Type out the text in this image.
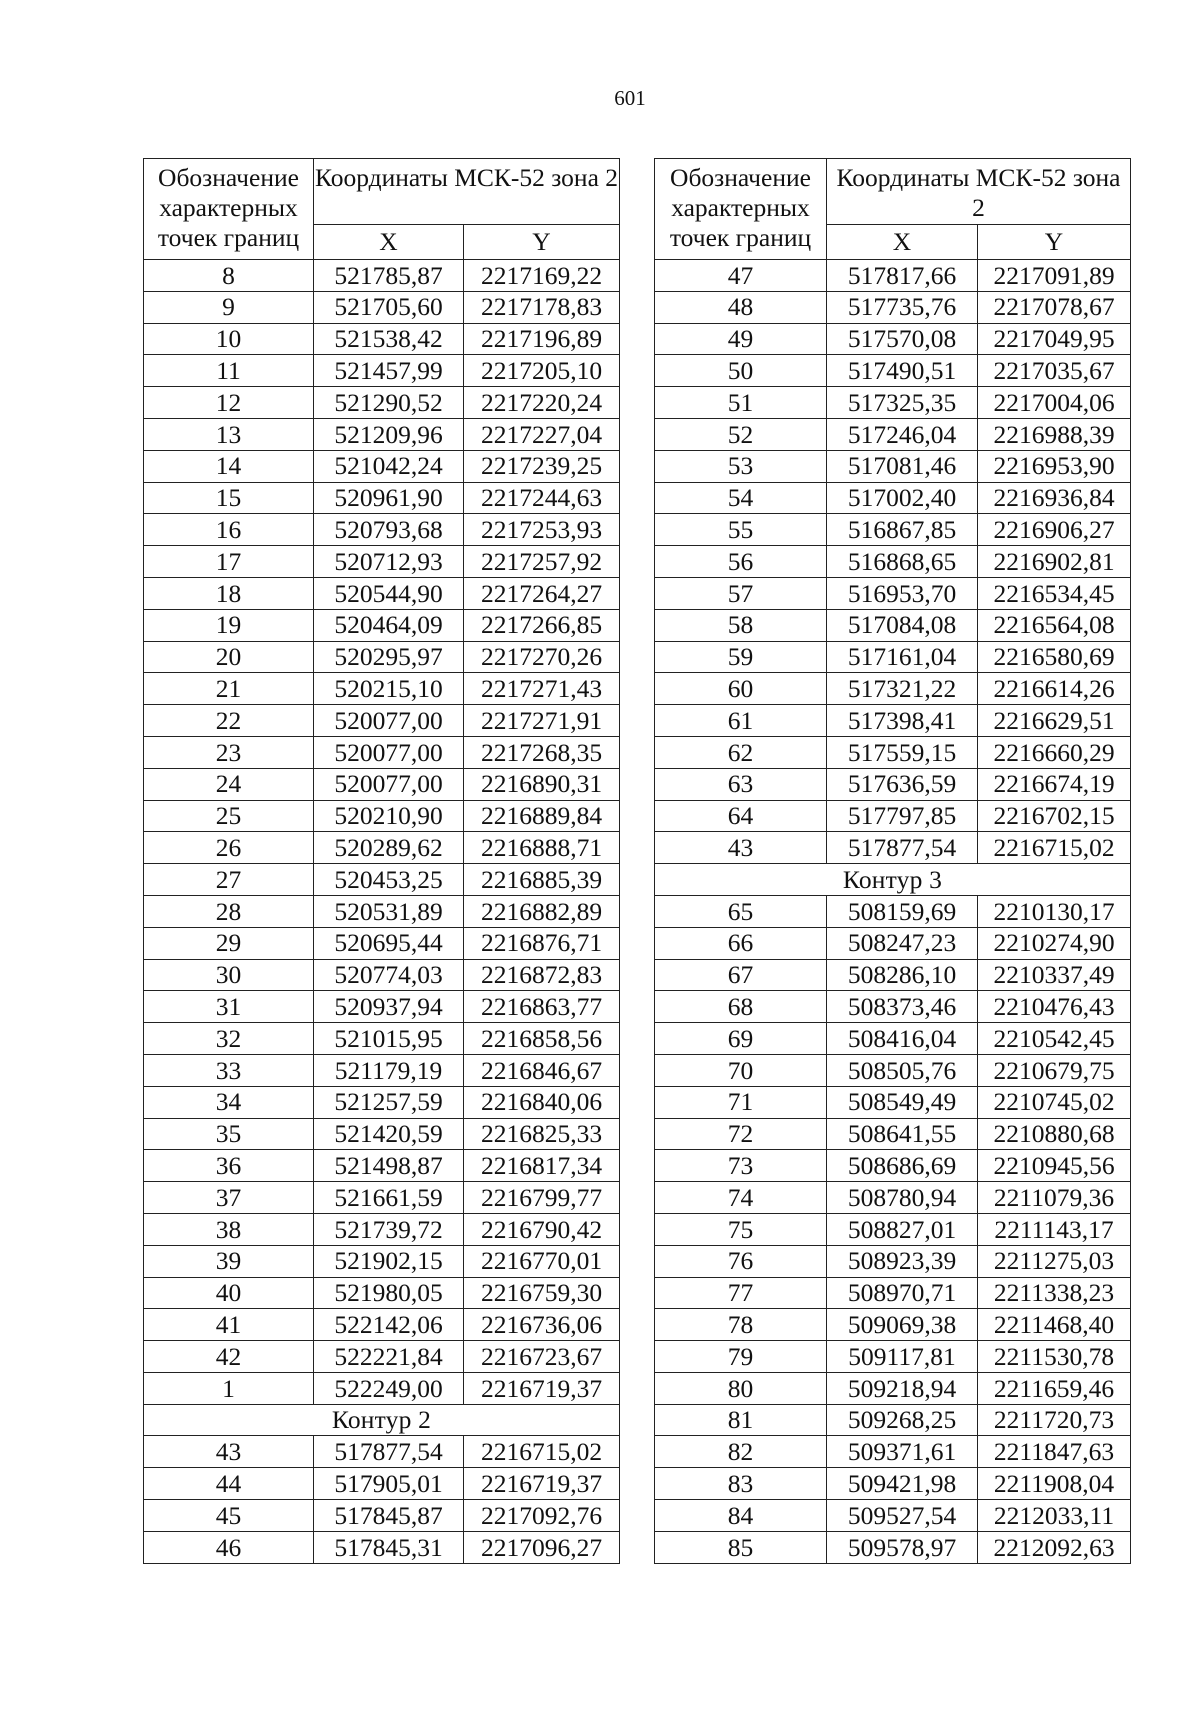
601
Обозначение характерных точек границ	Координаты МСК-52 зона 2	
	X	Y
8	521785,87	2217169,22
9	521705,60	2217178,83
10	521538,42	2217196,89
11	521457,99	2217205,10
12	521290,52	2217220,24
13	521209,96	2217227,04
14	521042,24	2217239,25
15	520961,90	2217244,63
16	520793,68	2217253,93
17	520712,93	2217257,92
18	520544,90	2217264,27
19	520464,09	2217266,85
20	520295,97	2217270,26
21	520215,10	2217271,43
22	520077,00	2217271,91
23	520077,00	2217268,35
24	520077,00	2216890,31
25	520210,90	2216889,84
26	520289,62	2216888,71
27	520453,25	2216885,39
28	520531,89	2216882,89
29	520695,44	2216876,71
30	520774,03	2216872,83
31	520937,94	2216863,77
32	521015,95	2216858,56
33	521179,19	2216846,67
34	521257,59	2216840,06
35	521420,59	2216825,33
36	521498,87	2216817,34
37	521661,59	2216799,77
38	521739,72	2216790,42
39	521902,15	2216770,01
40	521980,05	2216759,30
41	522142,06	2216736,06
42	522221,84	2216723,67
1	522249,00	2216719,37
Контур 2		
43	517877,54	2216715,02
44	517905,01	2216719,37
45	517845,87	2217092,76
46	517845,31	2217096,27
Обозначение характерных точек границ	Координаты МСК-52 зона 2	
	X	Y
47	517817,66	2217091,89
48	517735,76	2217078,67
49	517570,08	2217049,95
50	517490,51	2217035,67
51	517325,35	2217004,06
52	517246,04	2216988,39
53	517081,46	2216953,90
54	517002,40	2216936,84
55	516867,85	2216906,27
56	516868,65	2216902,81
57	516953,70	2216534,45
58	517084,08	2216564,08
59	517161,04	2216580,69
60	517321,22	2216614,26
61	517398,41	2216629,51
62	517559,15	2216660,29
63	517636,59	2216674,19
64	517797,85	2216702,15
43	517877,54	2216715,02
Контур 3		
65	508159,69	2210130,17
66	508247,23	2210274,90
67	508286,10	2210337,49
68	508373,46	2210476,43
69	508416,04	2210542,45
70	508505,76	2210679,75
71	508549,49	2210745,02
72	508641,55	2210880,68
73	508686,69	2210945,56
74	508780,94	2211079,36
75	508827,01	2211143,17
76	508923,39	2211275,03
77	508970,71	2211338,23
78	509069,38	2211468,40
79	509117,81	2211530,78
80	509218,94	2211659,46
81	509268,25	2211720,73
82	509371,61	2211847,63
83	509421,98	2211908,04
84	509527,54	2212033,11
85	509578,97	2212092,63
